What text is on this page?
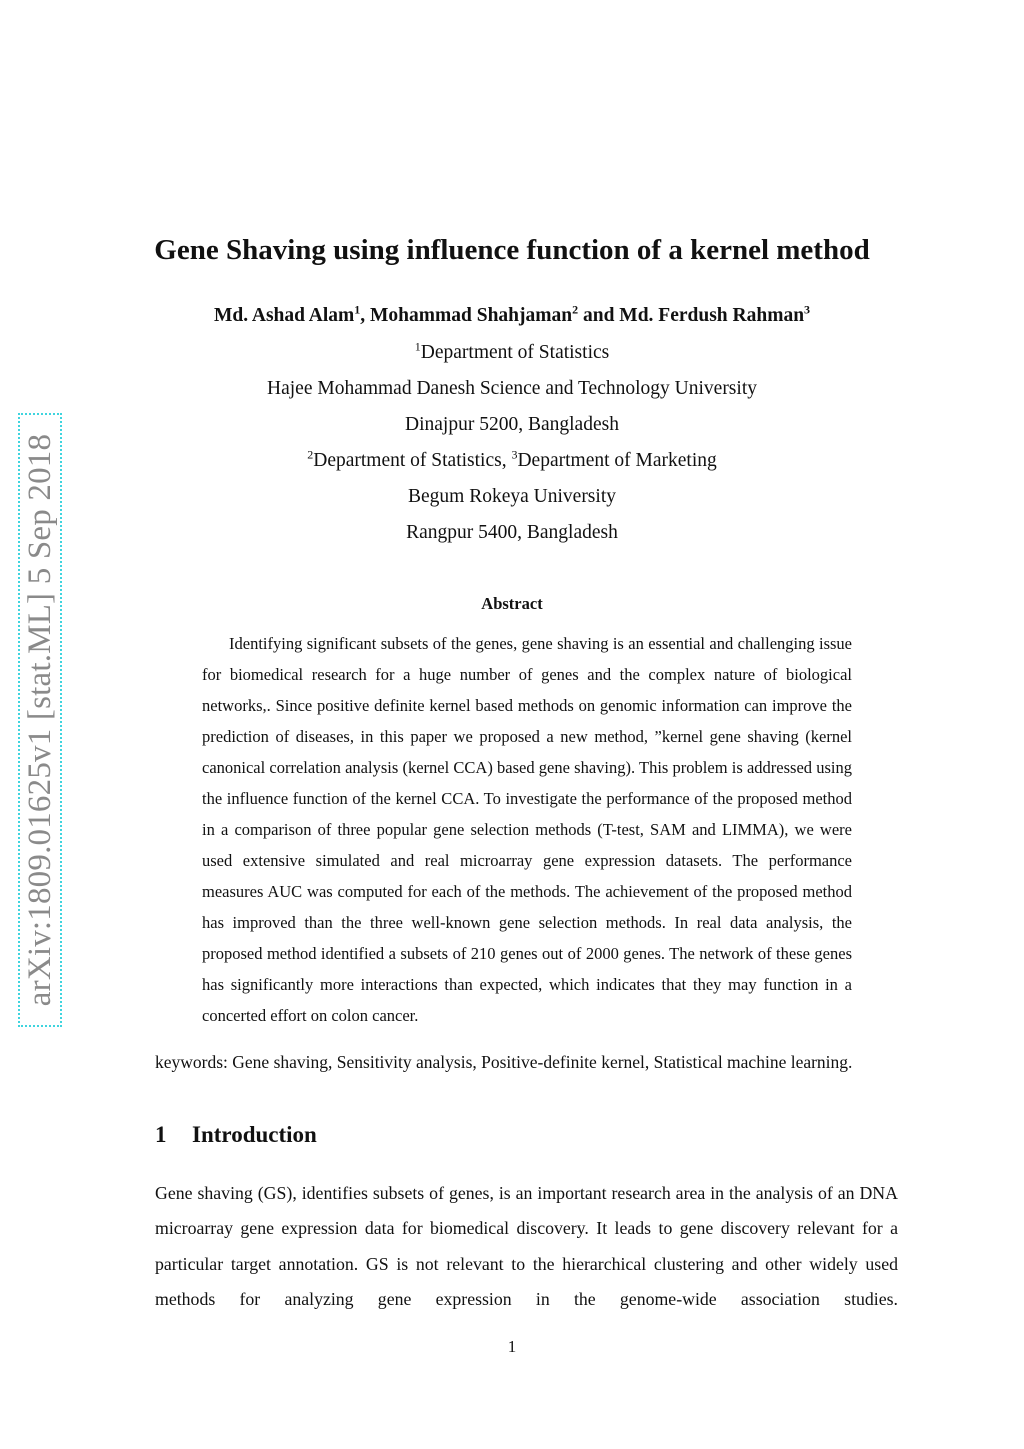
arXiv:1809.01625v1 [stat.ML] 5 Sep 2018
Gene Shaving using influence function of a kernel method
Md. Ashad Alam$^1$, Mohammad Shahjaman$^2$ and Md. Ferdush Rahman$^3$
$^1$Department of Statistics
Hajee Mohammad Danesh Science and Technology University
Dinajpur 5200, Bangladesh
$^2$Department of Statistics, $^3$Department of Marketing
Begum Rokeya University
Rangpur 5400, Bangladesh
Abstract

Identifying significant subsets of the genes, gene shaving is an essential and challenging issue for biomedical research for a huge number of genes and the complex nature of biological networks,. Since positive definite kernel based methods on genomic information can improve the prediction of diseases, in this paper we proposed a new method, ”kernel gene shaving (kernel canonical correlation analysis (kernel CCA) based gene shaving). This problem is addressed using the influence function of the kernel CCA. To investigate the performance of the proposed method in a comparison of three popular gene selection methods (T-test, SAM and LIMMA), we were used extensive simulated and real microarray gene expression datasets. The performance measures AUC was computed for each of the methods. The achievement of the proposed method has improved than the three well-known gene selection methods. In real data analysis, the proposed method identified a subsets of 210 genes out of 2000 genes. The network of these genes has significantly more interactions than expected, which indicates that they may function in a concerted effort on colon cancer.

keywords: Gene shaving, Sensitivity analysis, Positive-definite kernel, Statistical machine learning.
1 Introduction

Gene shaving (GS), identifies subsets of genes, is an important research area in the analysis of an DNA microarray gene expression data for biomedical discovery. It leads to gene discovery relevant for a particular target annotation. GS is not relevant to the hierarchical clustering and other widely used methods for analyzing gene expression in the genome-wide association studies.

1
